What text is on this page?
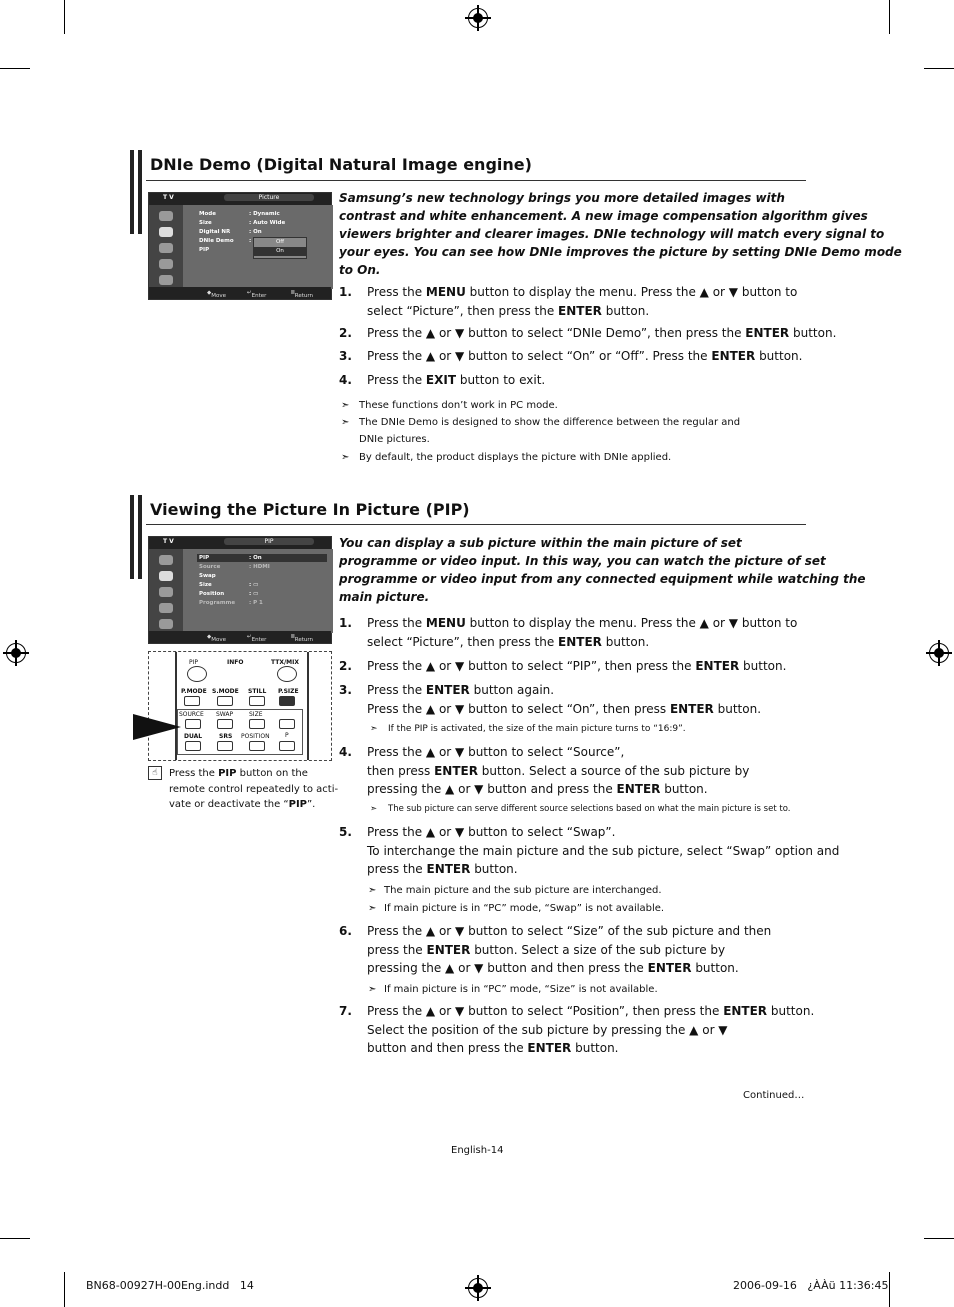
DNIe Demo (Digital Natural Image engine)
T V	Picture
Mode	: Dynamic
Size	: Auto Wide
Digital NR	: On
DNIe Demo	:
PIP
Off
On
◆ Move	↵ Enter	Ⅲ Return
Samsung’s new technology brings you more detailed images with
contrast and white enhancement. A new image compensation algorithm gives
viewers brighter and clearer images. DNIe technology will match every signal to
your eyes. You can see how DNIe improves the picture by setting DNIe Demo mode
to On.
1. Press the MENU button to display the menu. Press the ▲ or ▼ button to
select “Picture”, then press the ENTER button.
2. Press the ▲ or ▼ button to select “DNIe Demo”, then press the ENTER button.
3. Press the ▲ or ▼ button to select “On” or “Off”. Press the ENTER button.
4. Press the EXIT button to exit.
➣ These functions don’t work in PC mode.
➣ The DNIe Demo is designed to show the difference between the regular and
DNIe pictures.
➣ By default, the product displays the picture with DNIe applied.
Viewing the Picture In Picture (PIP)
T V	PIP
PIP	: On
Source	: HDMI
Swap
Size	: ▭
Position	: ▭
Programme	: P 1
◆ Move	↵ Enter	Ⅲ Return
PIP	INFO	TTX/MIX
P.MODE S.MODE STILL P.SIZE
SOURCE SWAP	SIZE
DUAL	SRS POSITION	P
☝	Press the PIP button on the
remote control repeatedly to acti-
vate or deactivate the “PIP”.
You can display a sub picture within the main picture of set
programme or video input. In this way, you can watch the picture of set
programme or video input from any connected equipment while watching the
main picture.
1. Press the MENU button to display the menu. Press the ▲ or ▼ button to
select “Picture”, then press the ENTER button.
2. Press the ▲ or ▼ button to select “PIP”, then press the ENTER button.
3. Press the ENTER button again.
Press the ▲ or ▼ button to select “On”, then press ENTER button.
➣ If the PIP is activated, the size of the main picture turns to “16:9”.
4. Press the ▲ or ▼ button to select “Source”,
then press ENTER button. Select a source of the sub picture by
pressing the ▲ or ▼ button and press the ENTER button.
➣ The sub picture can serve different source selections based on what the main picture is set to.
5. Press the ▲ or ▼ button to select “Swap”.
To interchange the main picture and the sub picture, select “Swap” option and
press the ENTER button.
➣ The main picture and the sub picture are interchanged.
➣ If main picture is in “PC” mode, “Swap” is not available.
6. Press the ▲ or ▼ button to select “Size” of the sub picture and then
press the ENTER button. Select a size of the sub picture by
pressing the ▲ or ▼ button and then press the ENTER button.
➣ If main picture is in “PC” mode, “Size” is not available.
7. Press the ▲ or ▼ button to select “Position”, then press the ENTER button.
Select the position of the sub picture by pressing the ▲ or ▼
button and then press the ENTER button.
Continued…
English-14
BN68-00927H-00Eng.indd   14	2006-09-16   ¿ÀÀü 11:36:45
